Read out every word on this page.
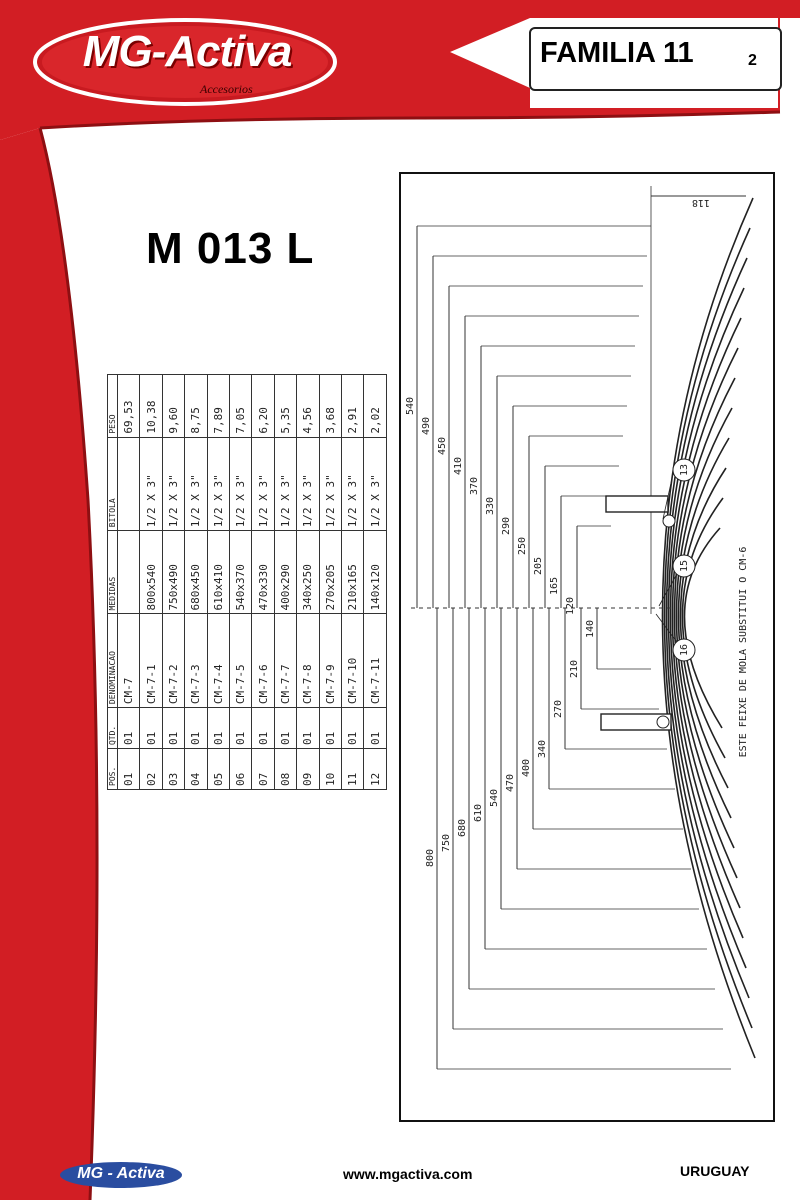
MG-Activa
Accesorios
FAMILIA 11	2
M 013 L
POS.	QTD.	DENOMINACAO	MEDIDAS	BITOLA	PESO
01	01	CM-7			69,53
02	01	CM-7-1	800x540	1/2 X 3"	10,38
03	01	CM-7-2	750x490	1/2 X 3"	9,60
04	01	CM-7-3	680x450	1/2 X 3"	8,75
05	01	CM-7-4	610x410	1/2 X 3"	7,89
06	01	CM-7-5	540x370	1/2 X 3"	7,05
07	01	CM-7-6	470x330	1/2 X 3"	6,20
08	01	CM-7-7	400x290	1/2 X 3"	5,35
09	01	CM-7-8	340x250	1/2 X 3"	4,56
10	01	CM-7-9	270x205	1/2 X 3"	3,68
11	01	CM-7-10	210x165	1/2 X 3"	2,91
12	01	CM-7-11	140x120	1/2 X 3"	2,02
540
490
450
410
370
330
290
250
205
165
120
800
750
680
610
540
470
400
340
270
210
140
118
13
15
16	ESTE FEIXE DE MOLA SUBSTITUI O CM-6
MG - Activa	www.mgactiva.com	URUGUAY
